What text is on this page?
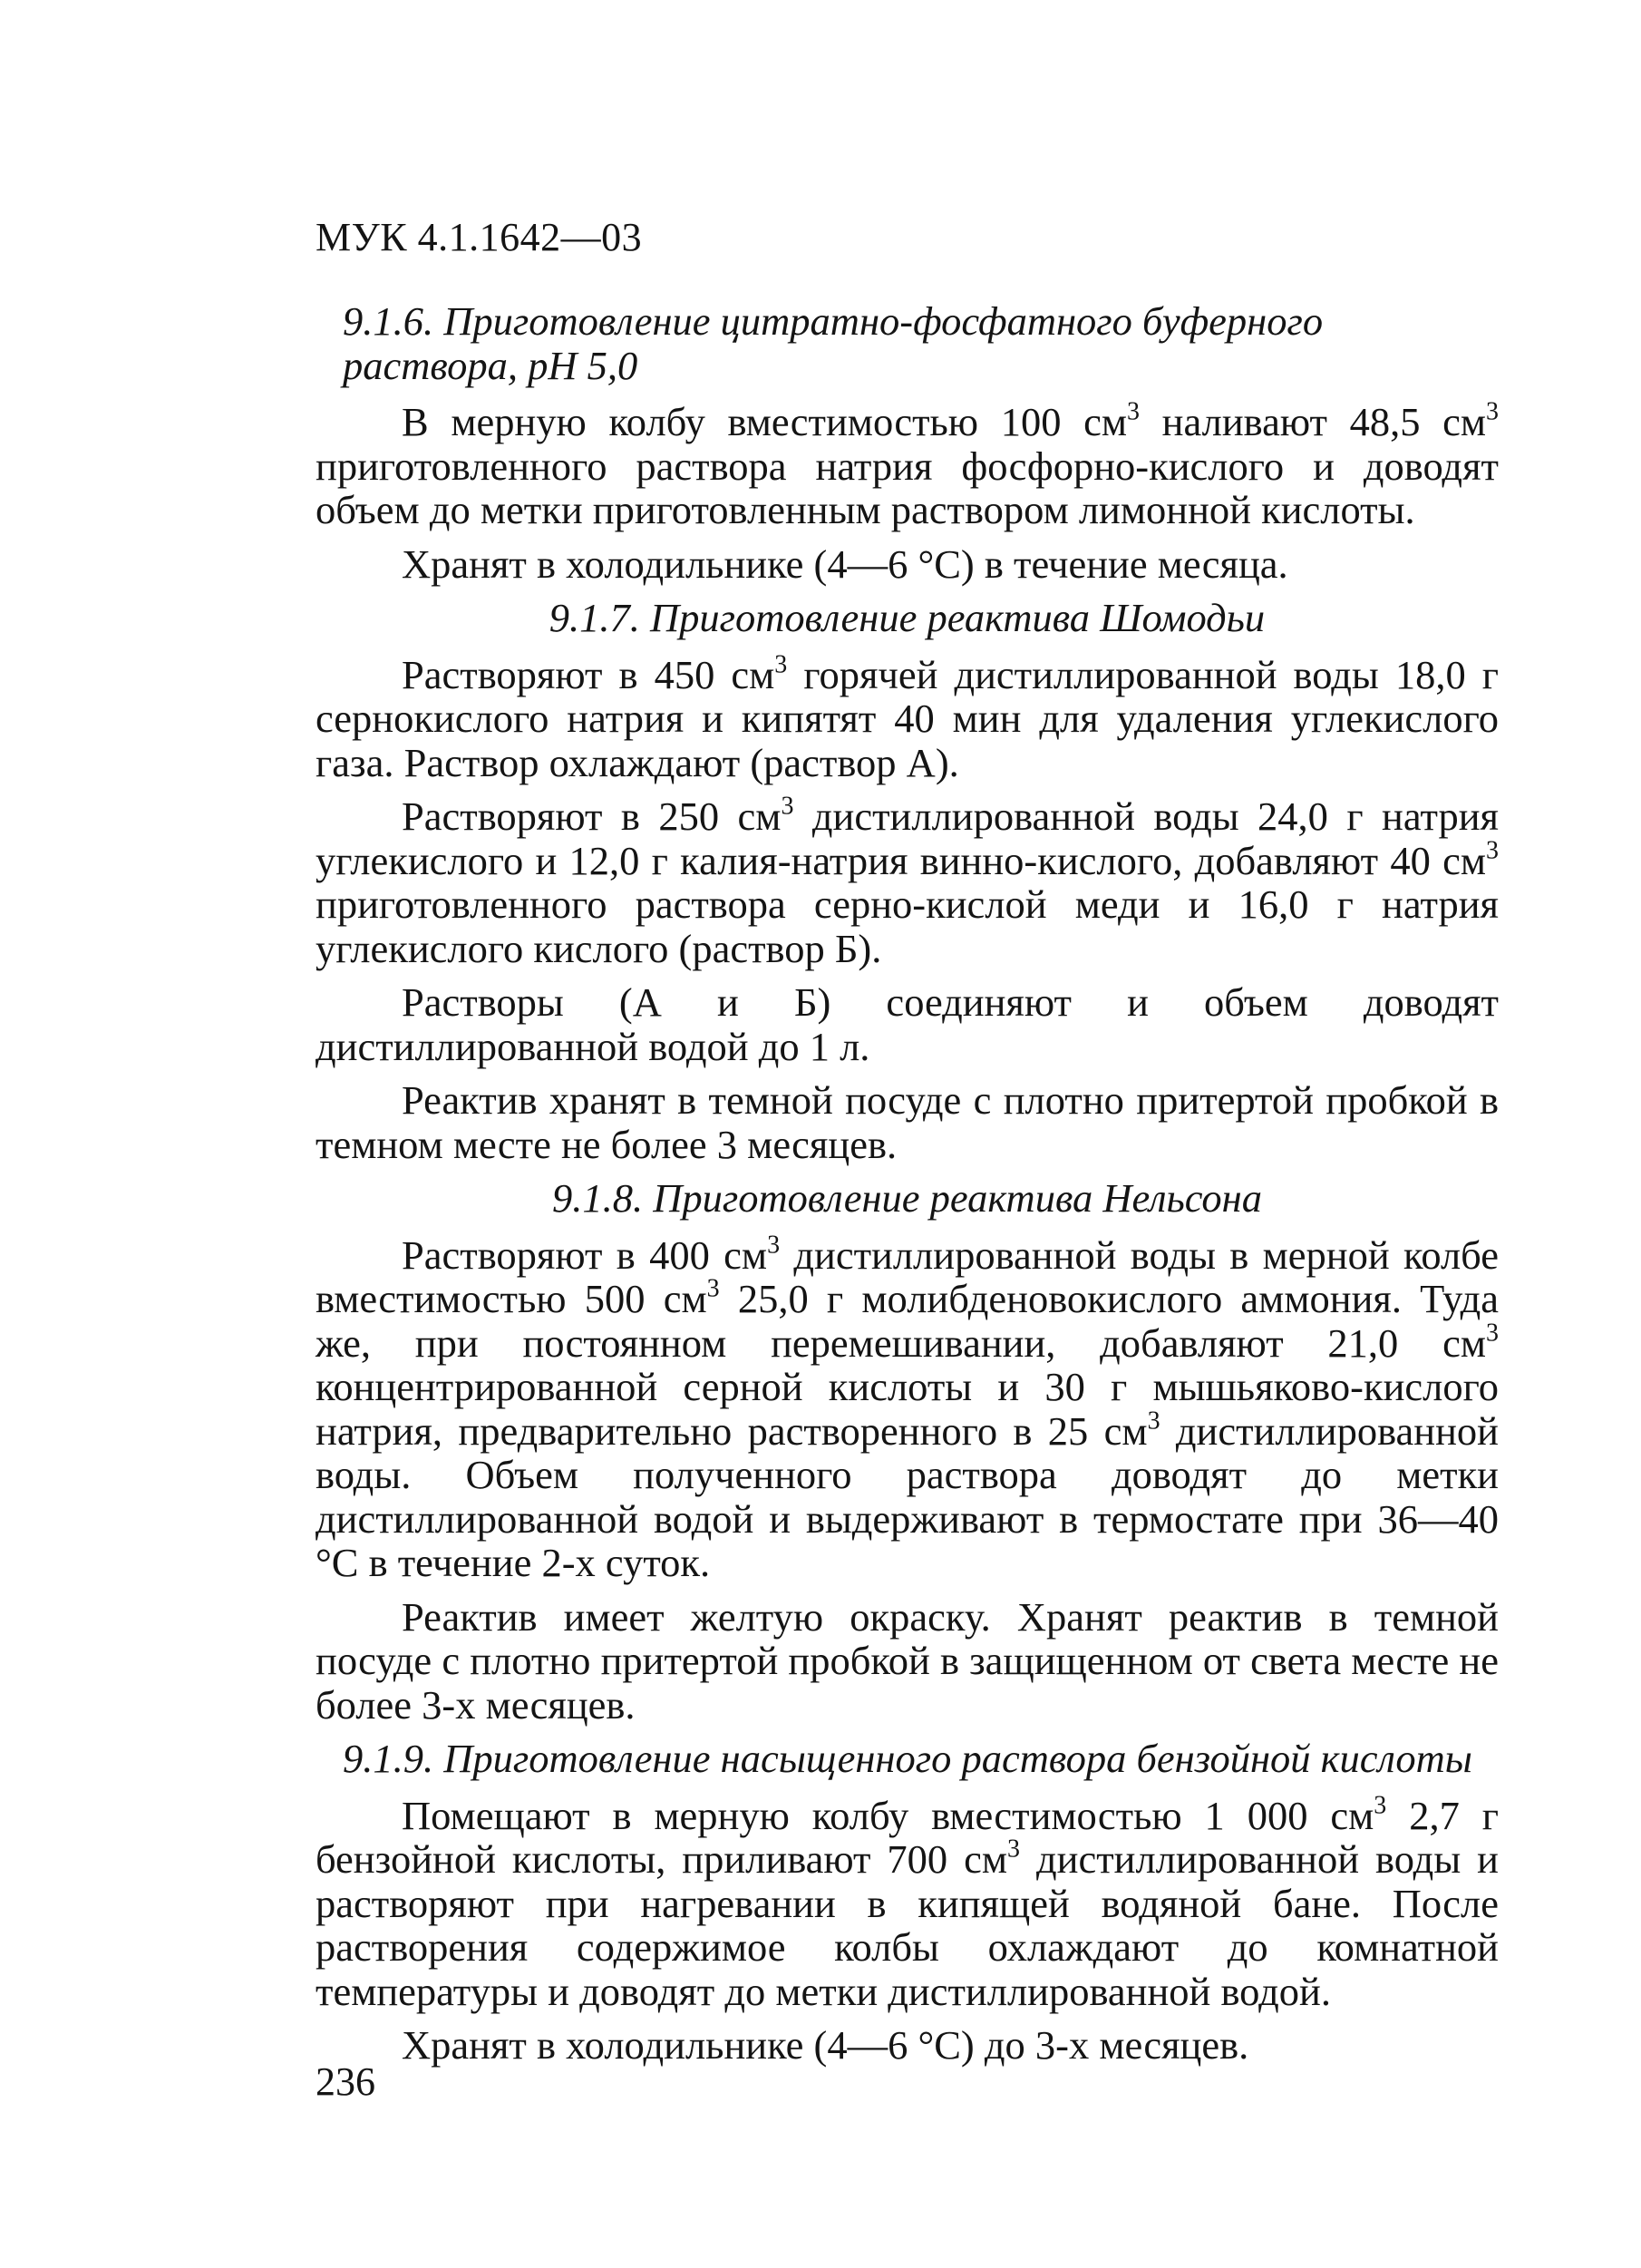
МУК 4.1.1642—03

9.1.6. Приготовление цитратно-фосфатного буферного раствора, pH 5,0

В мерную колбу вместимостью 100 $см^3$ наливают 48,5 $см^3$ приготовленного раствора натрия фосфорно-кислого и доводят объем до метки приготовленным раствором лимонной кислоты.

Хранят в холодильнике (4—6 °С) в течение месяца.

9.1.7. Приготовление реактива Шомодьи

Растворяют в 450 $см^3$ горячей дистиллированной воды 18,0 г сернокислого натрия и кипятят 40 мин для удаления углекислого газа. Раствор охлаждают (раствор А).

Растворяют в 250 $см^3$ дистиллированной воды 24,0 г натрия углекислого и 12,0 г калия-натрия винно-кислого, добавляют 40 $см^3$ приготовленного раствора серно-кислой меди и 16,0 г натрия углекислого кислого (раствор Б).

Растворы (А и Б) соединяют и объем доводят дистиллированной водой до 1 л.

Реактив хранят в темной посуде с плотно притертой пробкой в темном месте не более 3 месяцев.

9.1.8. Приготовление реактива Нельсона

Растворяют в 400 $см^3$ дистиллированной воды в мерной колбе вместимостью 500 $см^3$ 25,0 г молибденовокислого аммония. Туда же, при постоянном перемешивании, добавляют 21,0 $см^3$ концентрированной серной кислоты и 30 г мышьяково-кислого натрия, предварительно растворенного в 25 $см^3$ дистиллированной воды. Объем полученного раствора доводят до метки дистиллированной водой и выдерживают в термостате при 36—40 °С в течение 2-х суток.

Реактив имеет желтую окраску. Хранят реактив в темной посуде с плотно притертой пробкой в защищенном от света месте не более 3-х месяцев.

9.1.9. Приготовление насыщенного раствора бензойной кислоты

Помещают в мерную колбу вместимостью 1 000 $см^3$ 2,7 г бензойной кислоты, приливают 700 $см^3$ дистиллированной воды и растворяют при нагревании в кипящей водяной бане. После растворения содержимое колбы охлаждают до комнатной температуры и доводят до метки дистиллированной водой.

Хранят в холодильнике (4—6 °С) до 3-х месяцев.

236
